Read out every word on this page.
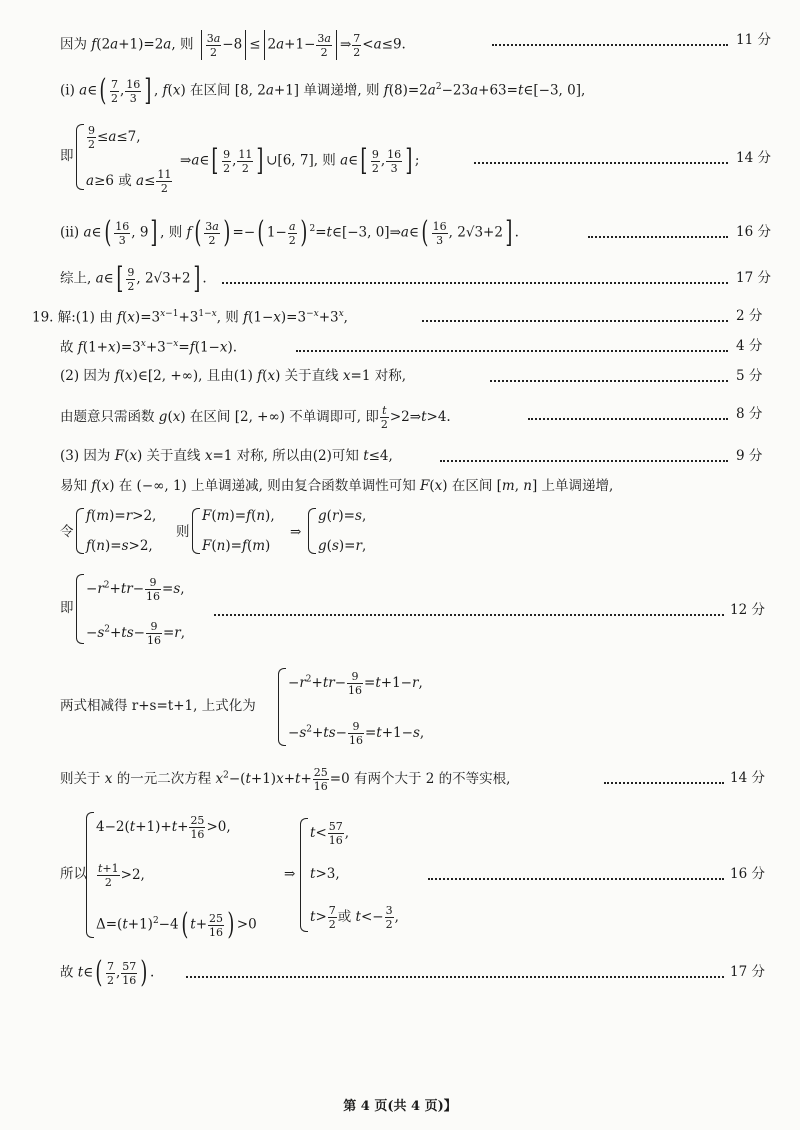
因为 f(2a+1)=2a, 则 $\frac{3a}{2} -8 \le 2a+1- \frac{3a}{2}$ ⇒ $\frac{7}{2} <a\le 9$.	11 分
(ⅰ) a∈( $\frac{7}{2}$ , $\frac{16}{3}$ ] , f(x) 在区间 [8, 2a+1] 单调递增, 则 $f(8)=2a^2-23a+63=t\in[-3$, 0],
即
$\frac{9}{2} \le a\le 7$,
a≥6 或 $a\le \frac{11}{2}$
⇒a∈[ $\frac{9}{2}$ , $\frac{11}{2}$ ] ∪[6, 7], 则 a∈[ $\frac{9}{2}$ , $\frac{16}{3}$ ] ;	14 分
(ⅱ) a∈( $\frac{16}{3}$ , 9] , 则 $f( \frac{3a}{2}$ ) =−( $1- \frac{a}{2}$ ) $^2$=t∈[−3, 0]⇒a∈( $\frac{16}{3}$ , 2√3+2] .	16 分
综上, a∈[ $\frac{9}{2}$ , 2√3+2] .	17 分
19. 解:(1) 由 $f(x)=3^{x-1}+3^{1-x}$, 则 $f(1-x)=3^{-x}+3^x$,	2 分
故 $f(1+x)=3^x+3^{-x}=f(1-x)$.	4 分
(2) 因为 f(x)∈[2, +∞), 且由(1) f(x) 关于直线 x=1 对称,	5 分
由题意只需函数 g(x) 在区间 [2, +∞) 不单调即可, 即 $\frac{t}{2}$ >2⇒t>4.	8 分
(3) 因为 F(x) 关于直线 x=1 对称, 所以由(2)可知 t≤4,	9 分
易知 f(x) 在 (−∞, 1) 上单调递减, 则由复合函数单调性可知 F(x) 在区间 [m, n] 上单调递增,
令
f(m)=r>2,
f(n)=s>2,
则
F(m)=f(n),
F(n)=f(m)
⇒
g(r)=s,
g(s)=r,
即
$-r^2+tr- \frac{9}{16} =s$,
$-s^2+ts- \frac{9}{16} =r$,
12 分
两式相减得 r+s=t+1, 上式化为
$-r^2+tr- \frac{9}{16} =t+1-r$,
$-s^2+ts- \frac{9}{16} =t+1-s$,
则关于 x 的一元二次方程 $x^2-(t+1)x+t+ \frac{25}{16} =0$ 有两个大于 2 的不等实根,	14 分
所以
$4-2(t+1)+t+ \frac{25}{16} >0$,
$\frac{t+1}{2} >2$,
$\Delta=(t+1)^2-4$( $t+ \frac{25}{16}$ ) >0
⇒
$t< \frac{57}{16}$ ,
t>3,
$t> \frac{7}{2}$ 或 $t<- \frac{3}{2}$ ,
16 分
故 t∈( $\frac{7}{2}$ , $\frac{57}{16}$ ) .	17 分
第 4 页(共 4 页)】
